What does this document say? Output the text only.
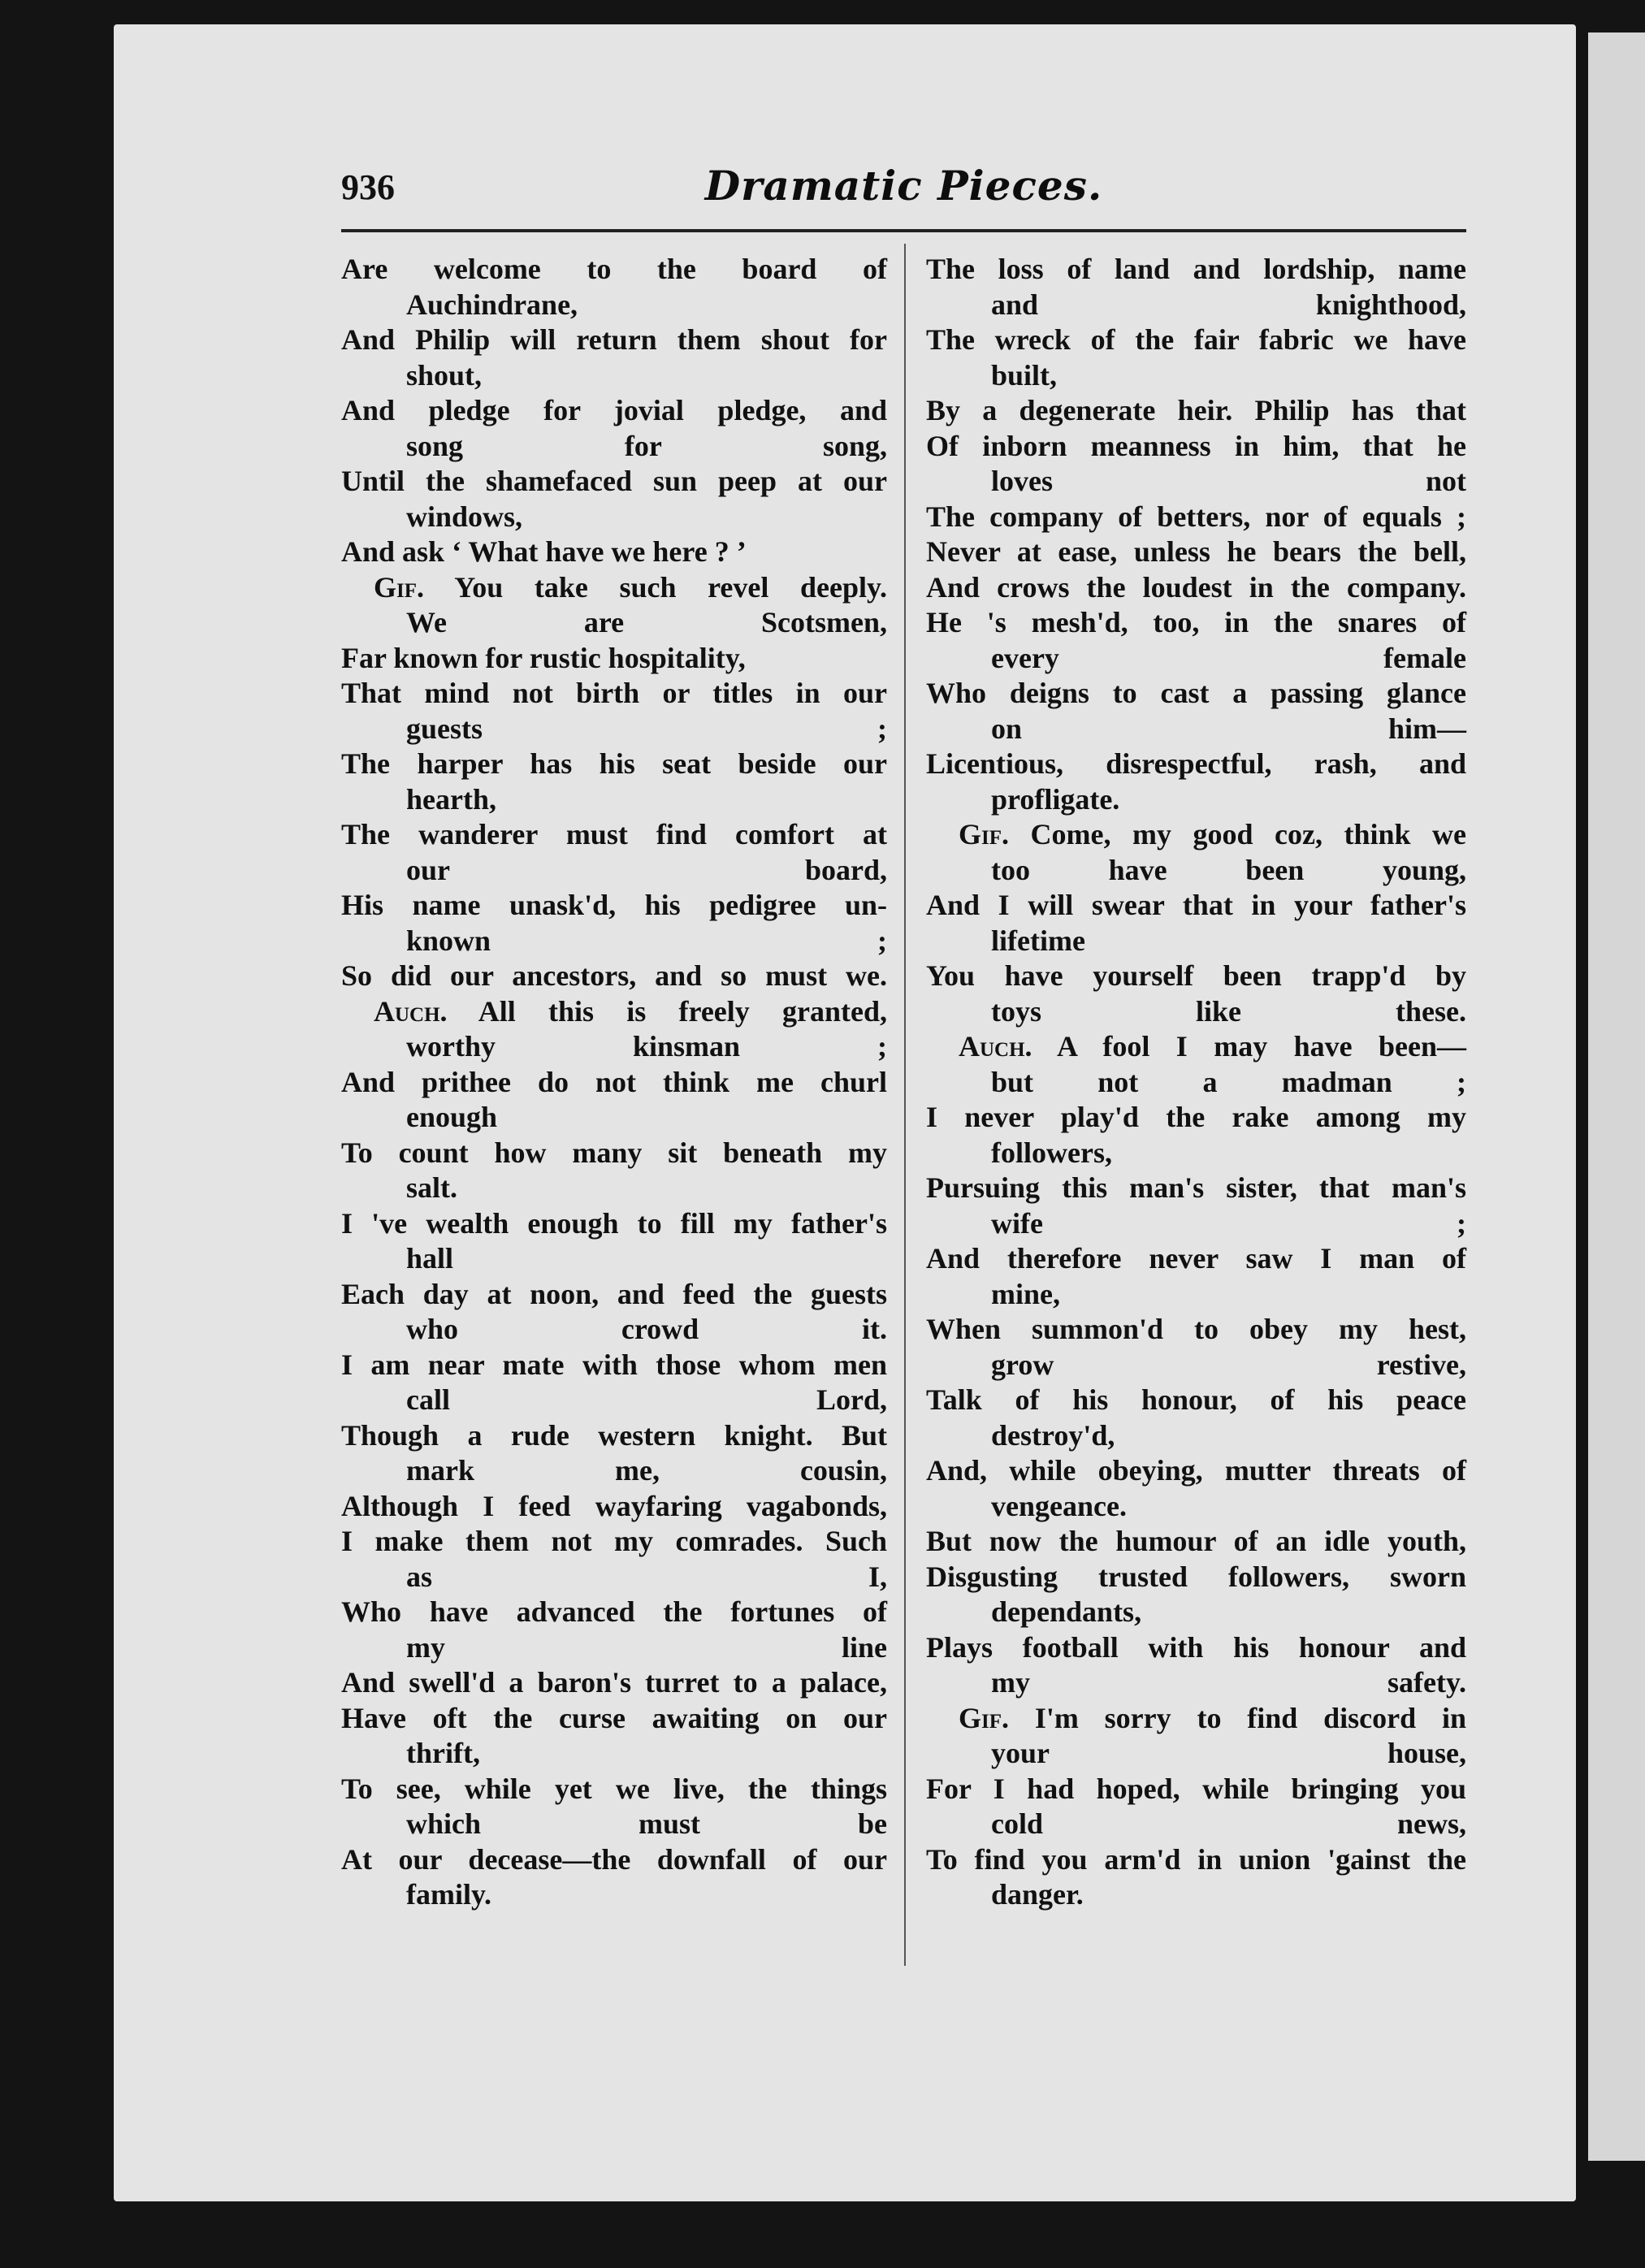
936	Dramatic Pieces.
Are welcome to the board of
Auchindrane,
And Philip will return them shout for
shout,
And pledge for jovial pledge, and
song for song,
Until the shamefaced sun peep at our
windows,
And ask ‘ What have we here ? ’
Gif. You take such revel deeply.
We are Scotsmen,
Far known for rustic hospitality,
That mind not birth or titles in our
guests ;
The harper has his seat beside our
hearth,
The wanderer must find comfort at
our board,
His name unask'd, his pedigree un-
known ;
So did our ancestors, and so must we.
Auch. All this is freely granted,
worthy kinsman ;
And prithee do not think me churl
enough
To count how many sit beneath my
salt.
I 've wealth enough to fill my father's
hall
Each day at noon, and feed the guests
who crowd it.
I am near mate with those whom men
call Lord,
Though a rude western knight. But
mark me, cousin,
Although I feed wayfaring vagabonds,
I make them not my comrades. Such
as I,
Who have advanced the fortunes of
my line
And swell'd a baron's turret to a palace,
Have oft the curse awaiting on our
thrift,
To see, while yet we live, the things
which must be
At our decease—the downfall of our
family.
The loss of land and lordship, name
and knighthood,
The wreck of the fair fabric we have
built,
By a degenerate heir. Philip has that
Of inborn meanness in him, that he
loves not
The company of betters, nor of equals ;
Never at ease, unless he bears the bell,
And crows the loudest in the company.
He 's mesh'd, too, in the snares of
every female
Who deigns to cast a passing glance
on him—
Licentious, disrespectful, rash, and
profligate.
Gif. Come, my good coz, think we
too have been young,
And I will swear that in your father's
lifetime
You have yourself been trapp'd by
toys like these.
Auch. A fool I may have been—
but not a madman ;
I never play'd the rake among my
followers,
Pursuing this man's sister, that man's
wife ;
And therefore never saw I man of
mine,
When summon'd to obey my hest,
grow restive,
Talk of his honour, of his peace
destroy'd,
And, while obeying, mutter threats of
vengeance.
But now the humour of an idle youth,
Disgusting trusted followers, sworn
dependants,
Plays football with his honour and
my safety.
Gif. I'm sorry to find discord in
your house,
For I had hoped, while bringing you
cold news,
To find you arm'd in union 'gainst the
danger.
